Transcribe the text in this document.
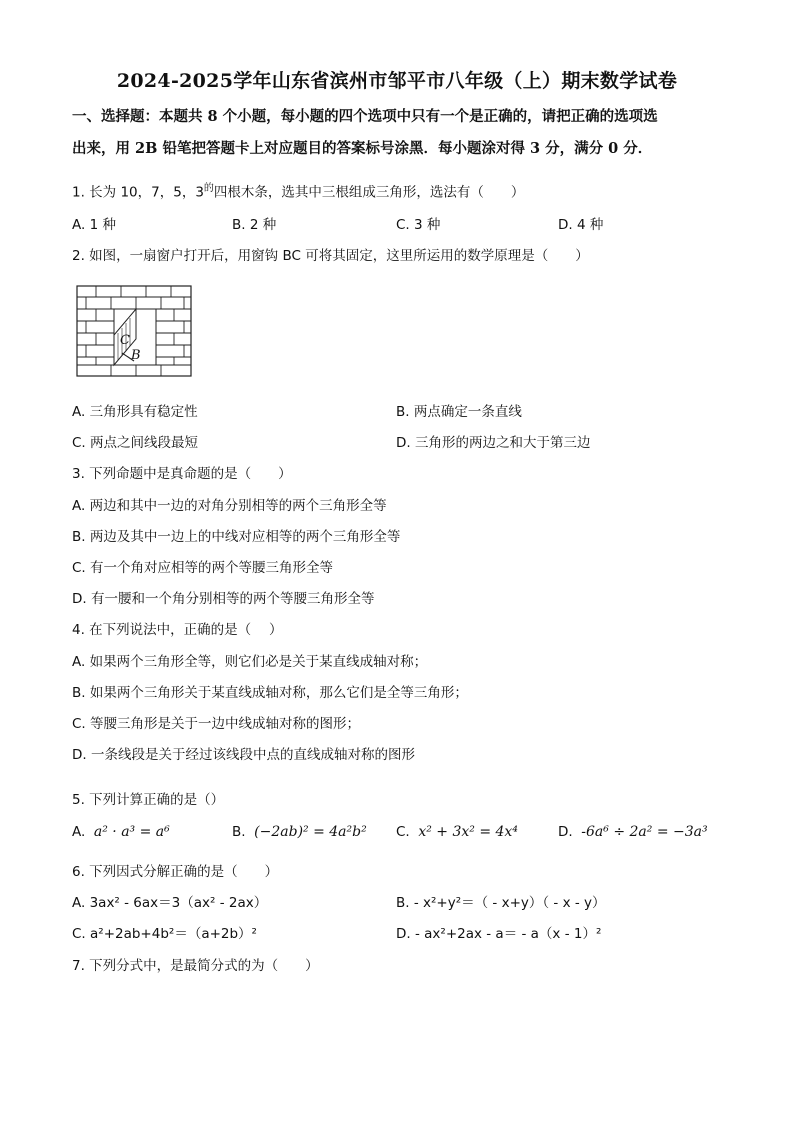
2024-2025学年山东省滨州市邹平市八年级（上）期末数学试卷
一、选择题：本题共 8 个小题，每小题的四个选项中只有一个是正确的，请把正确的选项选
出来，用 2B 铅笔把答题卡上对应题目的答案标号涂黑．每小题涂对得 3 分，满分 0 分．
1. 长为 10，7，5，$3^的$四根木条，选其中三根组成三角形，选法有（　　）
A. 1 种	B. 2 种	C. 3 种	D. 4 种
2. 如图，一扇窗户打开后，用窗钩 BC 可将其固定，这里所运用的数学原理是（　　）
C
B
A. 三角形具有稳定性	B. 两点确定一条直线
C. 两点之间线段最短	D. 三角形的两边之和大于第三边
3. 下列命题中是真命题的是（　　）
A. 两边和其中一边的对角分别相等的两个三角形全等
B. 两边及其中一边上的中线对应相等的两个三角形全等
C. 有一个角对应相等的两个等腰三角形全等
D. 有一腰和一个角分别相等的两个等腰三角形全等
4. 在下列说法中，正确的是（　 ）
A. 如果两个三角形全等，则它们必是关于某直线成轴对称；
B. 如果两个三角形关于某直线成轴对称，那么它们是全等三角形；
C. 等腰三角形是关于一边中线成轴对称的图形；
D. 一条线段是关于经过该线段中点的直线成轴对称的图形
5. 下列计算正确的是（）
A. a² · a³ = a⁶	B. (−2ab)² = 4a²b² C. x² + 3x² = 4x⁴	D. -6a⁶ ÷ 2a² = −3a³
6. 下列因式分解正确的是（　　）
A. 3ax² - 6ax＝3（ax² - 2ax）	B. - x²+y²＝（ - x+y）（ - x - y）
C. a²+2ab+4b²＝（a+2b）²	D. - ax²+2ax - a＝ - a（x - 1）²
7. 下列分式中，是最简分式的为（　　）
